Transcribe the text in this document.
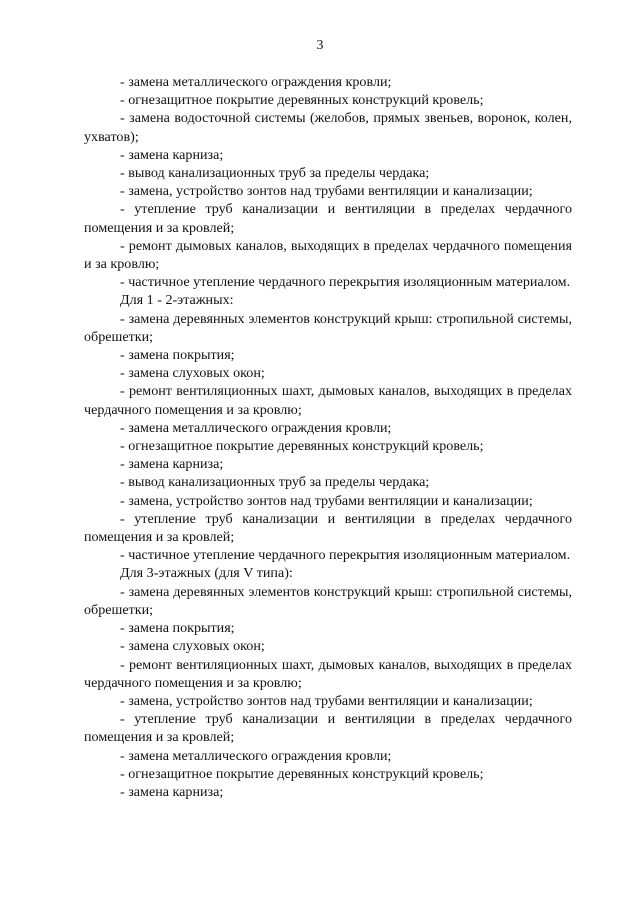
3

- замена металлического ограждения кровли;

- огнезащитное покрытие деревянных конструкций кровель;

- замена водосточной системы (желобов, прямых звеньев, воронок, колен, ухватов);

- замена карниза;

- вывод канализационных труб за пределы чердака;

- замена, устройство зонтов над трубами вентиляции и канализации;

- утепление труб канализации и вентиляции в пределах чердачного помещения и за кровлей;

- ремонт дымовых каналов, выходящих в пределах чердачного помещения и за кровлю;

- частичное утепление чердачного перекрытия изоляционным материалом.

Для 1 - 2-этажных:

- замена деревянных элементов конструкций крыш: стропильной системы, обрешетки;

- замена покрытия;

- замена слуховых окон;

- ремонт вентиляционных шахт, дымовых каналов, выходящих в пределах чердачного помещения и за кровлю;

- замена металлического ограждения кровли;

- огнезащитное покрытие деревянных конструкций кровель;

- замена карниза;

- вывод канализационных труб за пределы чердака;

- замена, устройство зонтов над трубами вентиляции и канализации;

- утепление труб канализации и вентиляции в пределах чердачного помещения и за кровлей;

- частичное утепление чердачного перекрытия изоляционным материалом.

Для 3-этажных (для V типа):

- замена деревянных элементов конструкций крыш: стропильной системы, обрешетки;

- замена покрытия;

- замена слуховых окон;

- ремонт вентиляционных шахт, дымовых каналов, выходящих в пределах чердачного помещения и за кровлю;

- замена, устройство зонтов над трубами вентиляции и канализации;

- утепление труб канализации и вентиляции в пределах чердачного помещения и за кровлей;

- замена металлического ограждения кровли;

- огнезащитное покрытие деревянных конструкций кровель;

- замена карниза;
